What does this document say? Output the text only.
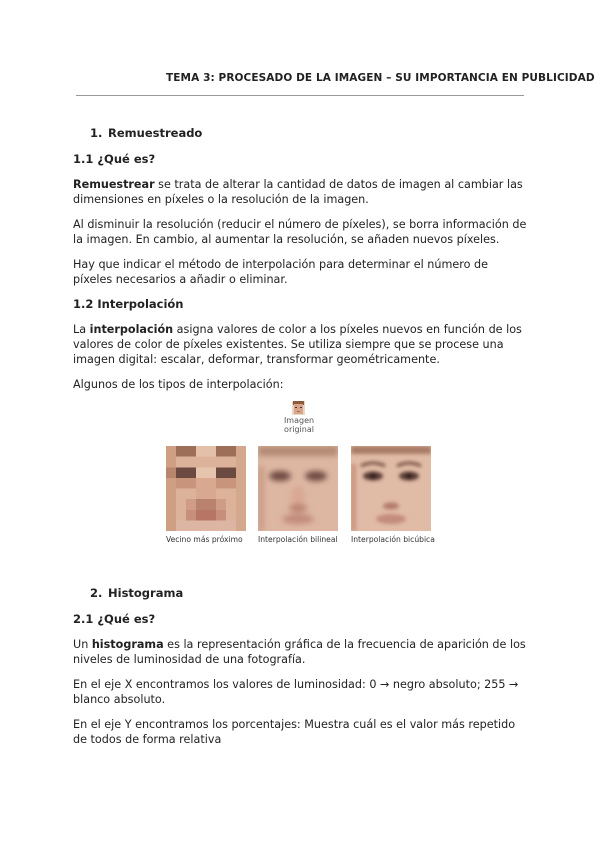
TEMA 3: PROCESADO DE LA IMAGEN – SU IMPORTANCIA EN PUBLICIDAD
1. Remuestreado
1.1 ¿Qué es?

Remuestrear se trata de alterar la cantidad de datos de imagen al cambiar las dimensiones en píxeles o la resolución de la imagen.

Al disminuir la resolución (reducir el número de píxeles), se borra información de la imagen. En cambio, al aumentar la resolución, se añaden nuevos píxeles.

Hay que indicar el método de interpolación para determinar el número de píxeles necesarios a añadir o eliminar.

1.2 Interpolación

La interpolación asigna valores de color a los píxeles nuevos en función de los valores de color de píxeles existentes. Se utiliza siempre que se procese una imagen digital: escalar, deformar, transformar geométricamente.

Algunos de los tipos de interpolación:

Imagen
original
Vecino más próximo Interpolación bilineal Interpolación bicúbica
2. Histograma
2.1 ¿Qué es?

Un histograma es la representación gráfica de la frecuencia de aparición de los niveles de luminosidad de una fotografía.

En el eje X encontramos los valores de luminosidad: 0 → negro absoluto; 255 → blanco absoluto.

En el eje Y encontramos los porcentajes: Muestra cuál es el valor más repetido de todos de forma relativa
